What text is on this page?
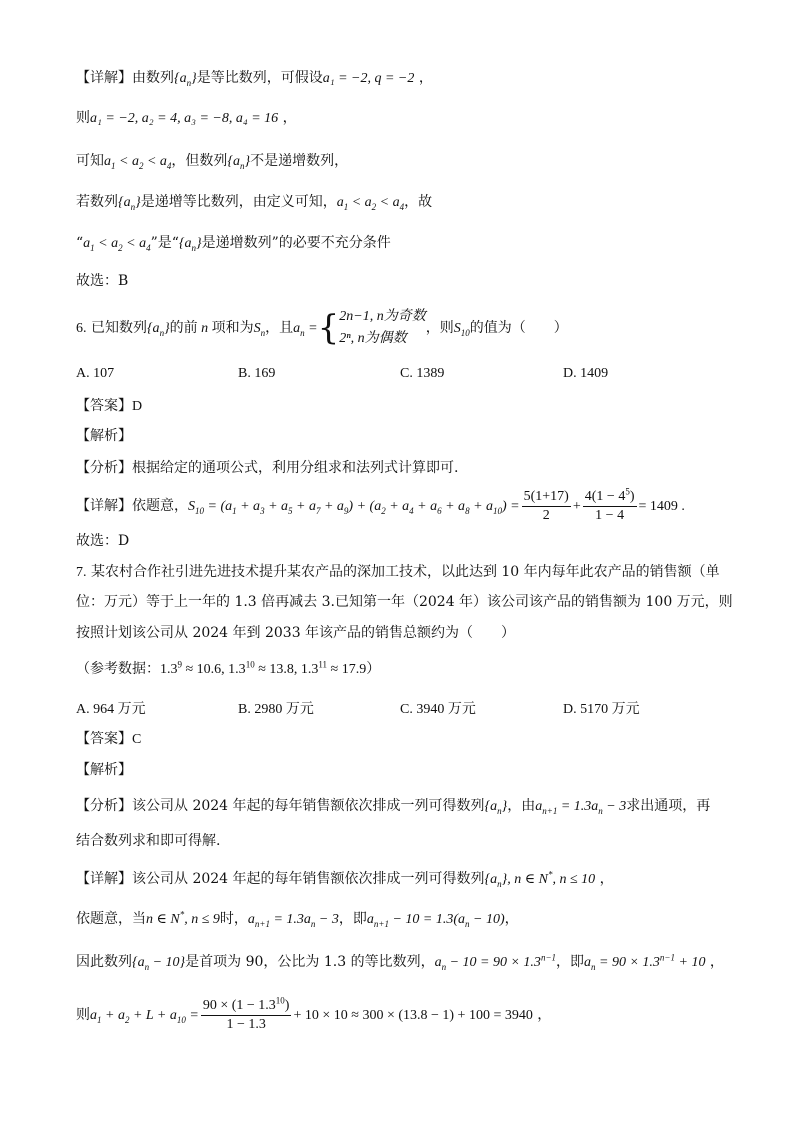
【详解】由数列$\{a_n\}$是等比数列，可假设a₁ = −2, q = −2 ，
则a₁ = −2, a₂ = 4, a₃ = −8, a₄ = 16 ，
可知$a_1 < a_2 < a_4$，但数列$\{a_n\}$不是递增数列，
若数列$\{a_n\}$是递增等比数列，由定义可知，$a_1 < a_2 < a_4$，故
“$a_1 < a_2 < a_4$”是“$\{a_n\}$是递增数列”的必要不充分条件
故选：B
6. 已知数列$\{a_n\}$的前 n 项和为$S_n$，且$a_n$ ={ 2n−1, n为奇数
2ⁿ, n为偶数
，则$S_{10}$的值为（　　）
A. 107	B. 169	C. 1389	D. 1409
【答案】D
【解析】
【分析】根据给定的通项公式，利用分组求和法列式计算即可.
【详解】依题意，$S_{10} = (a_1 + a_3 + a_5 + a_7 + a_9) + (a_2 + a_4 + a_6 + a_8 + a_{10}) = \frac{5(1+17)}{2} + \frac{4(1 - 4^5)}{1 - 4} = 1409$ .
故选：D
7. 某农村合作社引进先进技术提升某农产品的深加工技术，以此达到 10 年内每年此农产品的销售额（单
位：万元）等于上一年的 1.3 倍再减去 3.已知第一年（2024 年）该公司该产品的销售额为 100 万元，则
按照计划该公司从 2024 年到 2033 年该产品的销售总额约为（　　）
（参考数据：$1.3^9 \approx 10.6$, $1.3^{10} \approx 13.8$, $1.3^{11} \approx 17.9$）
A. 964 万元	B. 2980 万元	C. 3940 万元	D. 5170 万元
【答案】C
【解析】
【分析】该公司从 2024 年起的每年销售额依次排成一列可得数列$\{a_n\}$，由$a_{n+1} = 1.3a_n - 3$求出通项，再
结合数列求和即可得解.
【详解】该公司从 2024 年起的每年销售额依次排成一列可得数列$\{a_n\}$, n ∈ N*, n ≤ 10 ，
依题意，当n ∈ N*, n ≤ 9时，$a_{n+1} = 1.3a_n - 3$，即$a_{n+1} - 10 = 1.3(a_n - 10)$，
因此数列$\{a_n - 10\}$是首项为 90，公比为 1.3 的等比数列，$a_n - 10 = 90 \times 1.3^{n-1}$，即$a_n = 90 \times 1.3^{n-1} + 10$ ，
则$a_1 + a_2 + L + a_{10} = \frac{90 \times (1 - 1.3^{10})}{1 - 1.3} + 10 \times 10 \approx 300 \times (13.8 - 1) + 100 = 3940$ ，
